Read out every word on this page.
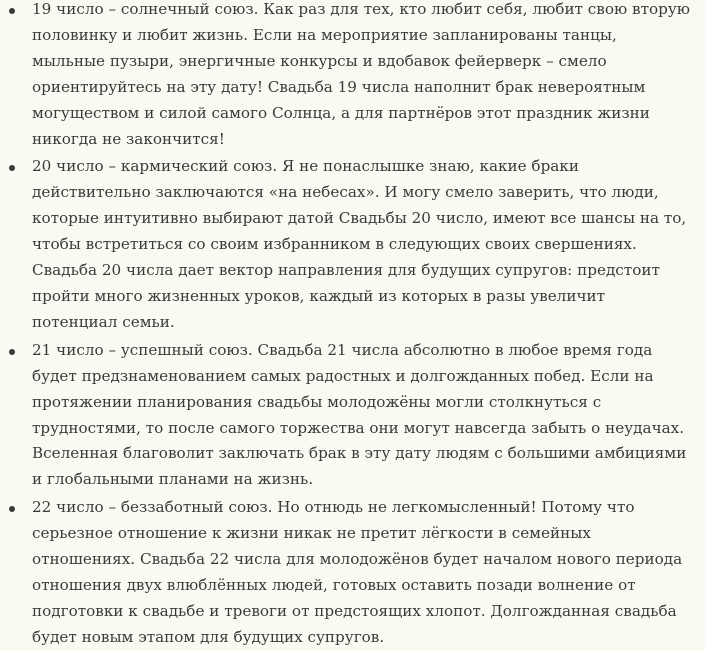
19 число – солнечный союз. Как раз для тех, кто любит себя, любит свою вторую
половинку и любит жизнь. Если на мероприятие запланированы танцы,
мыльные пузыри, энергичные конкурсы и вдобавок фейерверк – смело
ориентируйтесь на эту дату! Свадьба 19 числа наполнит брак невероятным
могуществом и силой самого Солнца, а для партнёров этот праздник жизни
никогда не закончится!
20 число – кармический союз. Я не понаслышке знаю, какие браки
действительно заключаются «на небесах». И могу смело заверить, что люди,
которые интуитивно выбирают датой Свадьбы 20 число, имеют все шансы на то,
чтобы встретиться со своим избранником в следующих своих свершениях.
Свадьба 20 числа дает вектор направления для будущих супругов: предстоит
пройти много жизненных уроков, каждый из которых в разы увеличит
потенциал семьи.
21 число – успешный союз. Свадьба 21 числа абсолютно в любое время года
будет предзнаменованием самых радостных и долгожданных побед. Если на
протяжении планирования свадьбы молодожёны могли столкнуться с
трудностями, то после самого торжества они могут навсегда забыть о неудачах.
Вселенная благоволит заключать брак в эту дату людям с большими амбициями
и глобальными планами на жизнь.
22 число – беззаботный союз. Но отнюдь не легкомысленный! Потому что
серьезное отношение к жизни никак не претит лёгкости в семейных
отношениях. Свадьба 22 числа для молодожёнов будет началом нового периода
отношения двух влюблённых людей, готовых оставить позади волнение от
подготовки к свадьбе и тревоги от предстоящих хлопот. Долгожданная свадьба
будет новым этапом для будущих супругов.
